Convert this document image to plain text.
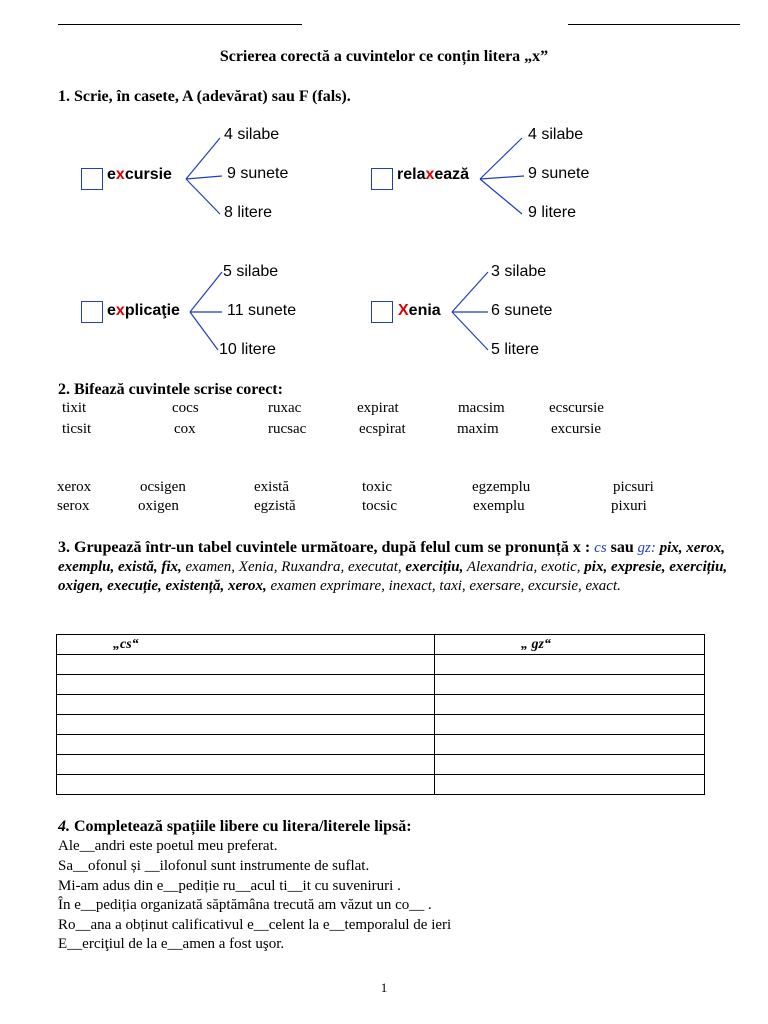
Scrierea corectă a cuvintelor ce conțin litera „x”
1. Scrie, în casete, A (adevărat) sau F (fals).
excursie
4 silabe
9 sunete
8 litere
relaxează
4 silabe
9 sunete
9 litere
explicaţie
5 silabe
11 sunete
10 litere
Xenia
3 silabe
6 sunete
5 litere
2. Bifează cuvintele scrise corect:
tixit	cocs	ruxac	expirat	macsim	ecscursie
ticsit	cox	rucsac	ecspirat	maxim	excursie
xerox	ocsigen	există	toxic	egzemplu	picsuri
serox	oxigen	egzistă	tocsic	exemplu	pixuri
3. Grupează într-un tabel cuvintele următoare, după felul cum se pronunță x : cs sau gz: pix, xerox, exemplu, există, fix, examen, Xenia, Ruxandra, executat, exercițiu, Alexandria, exotic, pix, expresie, exercițiu, oxigen, execuție, existență, xerox, examen exprimare, inexact, taxi, exersare, excursie, exact.
„cs“	„ gz“

4. Completează spațiile libere cu litera/literele lipsă:
Ale__andri este poetul meu preferat.
Sa__ofonul și __ilofonul sunt instrumente de suflat.
Mi-am adus din e__pediție ru__acul ti__it cu suveniruri .
În e__pediția organizată săptămâna trecută am văzut un co__ .
Ro__ana a obținut calificativul e__celent la e__temporalul de ieri
E__erciţiul de la e__amen a fost uşor.
1
